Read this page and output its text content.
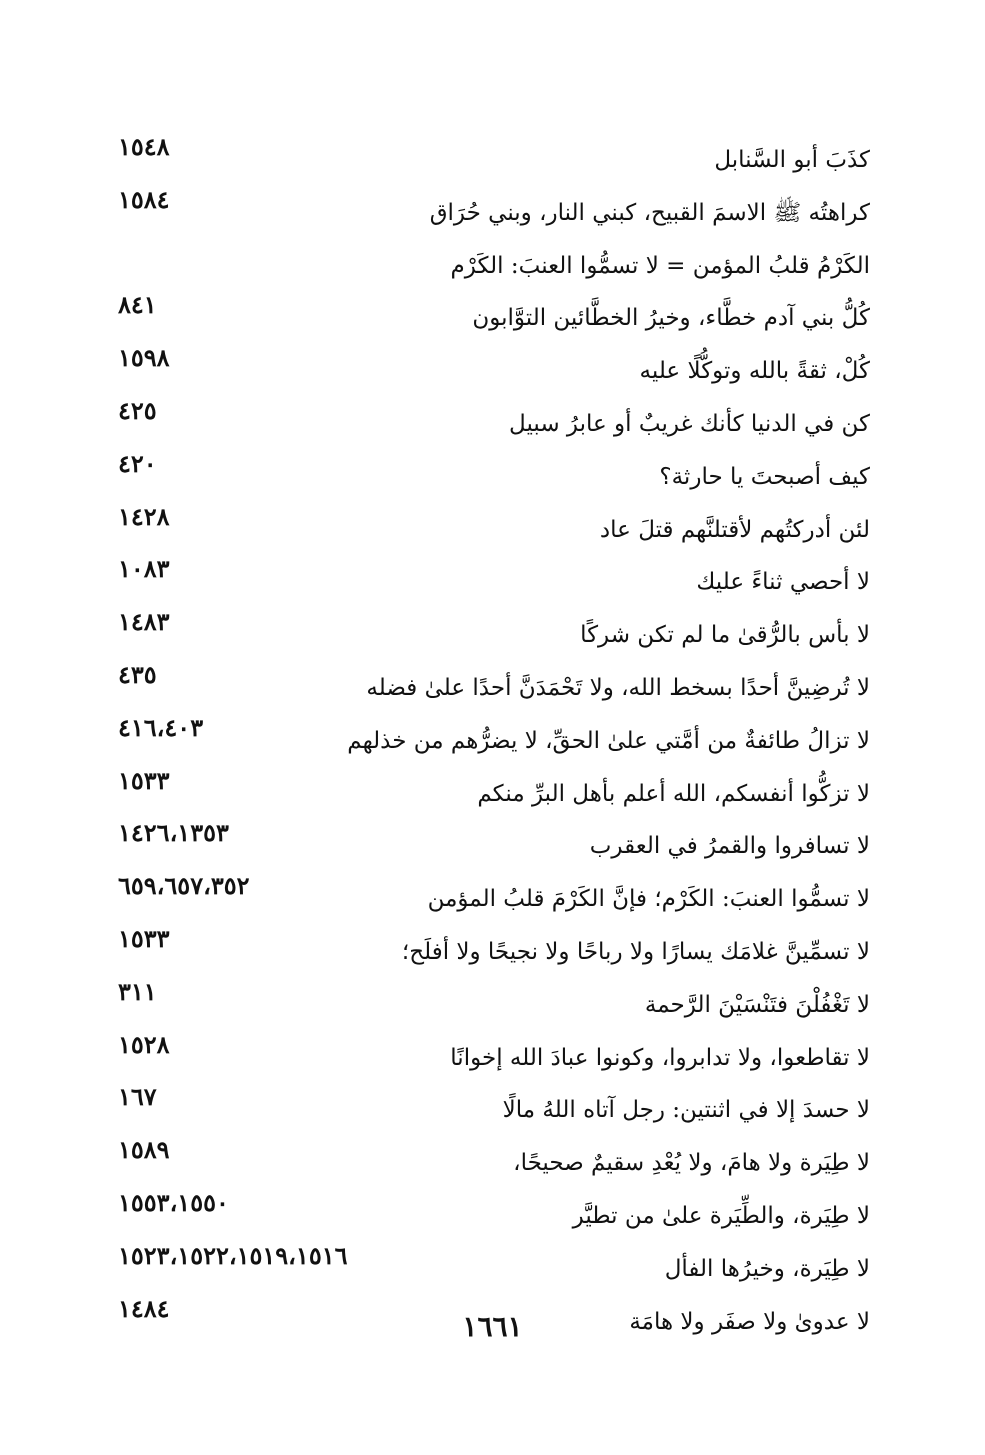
كذَبَ أبو السَّنابل
١٥٤٨
كراهتُه ﷺ الاسمَ القبيح، كبني النار، وبني حُرَاق
١٥٨٤
الكَرْمُ قلبُ المؤمن = لا تسمُّوا العنبَ: الكَرْم
كُلُّ بني آدم خطَّاء، وخيرُ الخطَّائين التوَّابون
٨٤١
كُلْ، ثقةً بالله وتوكُّلًا عليه
١٥٩٨
كن في الدنيا كأنك غريبٌ أو عابرُ سبيل
٤٢٥
كيف أصبحتَ يا حارثة؟
٤٢٠
لئن أدركتُهم لأقتلنَّهم قتلَ عاد
١٤٢٨
لا أحصي ثناءً عليك
١٠٨٣
لا بأس بالرُّقىٰ ما لم تكن شركًا
١٤٨٣
لا تُرضِينَّ أحدًا بسخط الله، ولا تَحْمَدَنَّ أحدًا علىٰ فضله
٤٣٥
لا تزالُ طائفةٌ من أمَّتي علىٰ الحقِّ، لا يضرُّهم من خذلهم
٤١٦،٤٠٣
لا تزكُّوا أنفسكم، الله أعلم بأهل البرِّ منكم
١٥٣٣
لا تسافروا والقمرُ في العقرب
١٤٢٦،١٣٥٣
لا تسمُّوا العنبَ: الكَرْم؛ فإنَّ الكَرْمَ قلبُ المؤمن
٦٥٩،٦٥٧،٣٥٢
لا تسمِّينَّ غلامَك يسارًا ولا رباحًا ولا نجيحًا ولا أفلَح؛
١٥٣٣
لا تَغْفُلْنَ فتَنْسَيْنَ الرَّحمة
٣١١
لا تقاطعوا، ولا تدابروا، وكونوا عبادَ الله إخوانًا
١٥٢٨
لا حسدَ إلا في اثنتين: رجل آتاه اللهُ مالًا
١٦٧
لا طِيَرة ولا هامَ، ولا يُعْدِ سقيمٌ صحيحًا،
١٥٨٩
لا طِيَرة، والطِّيَرة علىٰ من تطيَّر
١٥٥٣،١٥٥٠
لا طِيَرة، وخيرُها الفأل
١٥٢٣،١٥٢٢،١٥١٩،١٥١٦
لا عدوىٰ ولا صفَر ولا هامَة
١٤٨٤
١٦٦١
